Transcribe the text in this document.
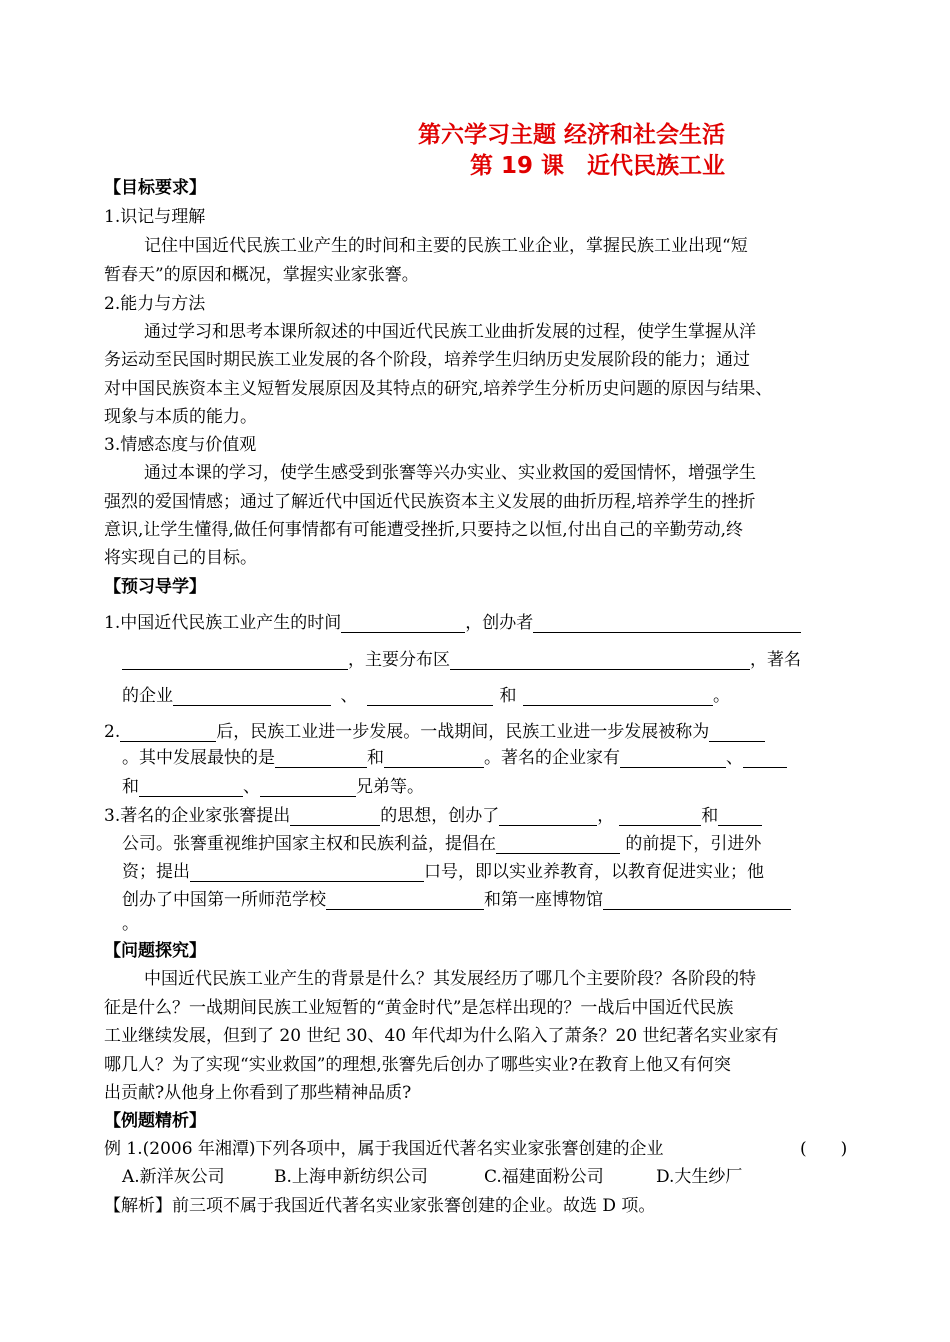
第六学习主题 经济和社会生活
第 19 课　近代民族工业
【目标要求】
1.识记与理解
记住中国近代民族工业产生的时间和主要的民族工业企业，掌握民族工业出现“短
暂春天”的原因和概况，掌握实业家张謇。
2.能力与方法
通过学习和思考本课所叙述的中国近代民族工业曲折发展的过程，使学生掌握从洋
务运动至民国时期民族工业发展的各个阶段，培养学生归纳历史发展阶段的能力；通过
对中国民族资本主义短暂发展原因及其特点的研究,培养学生分析历史问题的原因与结果、
现象与本质的能力。
3.情感态度与价值观
通过本课的学习，使学生感受到张謇等兴办实业、实业救国的爱国情怀，增强学生
强烈的爱国情感；通过了解近代中国近代民族资本主义发展的曲折历程,培养学生的挫折
意识,让学生懂得,做任何事情都有可能遭受挫折,只要持之以恒,付出自己的辛勤劳动,终
将实现自己的目标。
【预习导学】
1.中国近代民族工业产生的时间	，创办者
，主要分布区	，著名
的企业	、	和	。
2.	后，民族工业进一步发展。一战期间，民族工业进一步发展被称为
。其中发展最快的是	和	。著名的企业家有	、
和	、	兄弟等。
3.著名的企业家张謇提出	的思想，创办了	，	和
公司。张謇重视维护国家主权和民族利益，提倡在	的前提下，引进外
资；提出	口号，即以实业养教育，以教育促进实业；他
创办了中国第一所师范学校	和第一座博物馆
。
【问题探究】
中国近代民族工业产生的背景是什么？其发展经历了哪几个主要阶段？各阶段的特
征是什么？一战期间民族工业短暂的“黄金时代”是怎样出现的？一战后中国近代民族
工业继续发展，但到了 20 世纪 30、40 年代却为什么陷入了萧条？20 世纪著名实业家有
哪几人？为了实现“实业救国”的理想,张謇先后创办了哪些实业?在教育上他又有何突
出贡献?从他身上你看到了那些精神品质?
【例题精析】
例 1.(2006 年湘潭)下列各项中，属于我国近代著名实业家张謇创建的企业	(　　)
A.新洋灰公司	B.上海申新纺织公司	C.福建面粉公司	D.大生纱厂
【解析】前三项不属于我国近代著名实业家张謇创建的企业。故选 D 项。
